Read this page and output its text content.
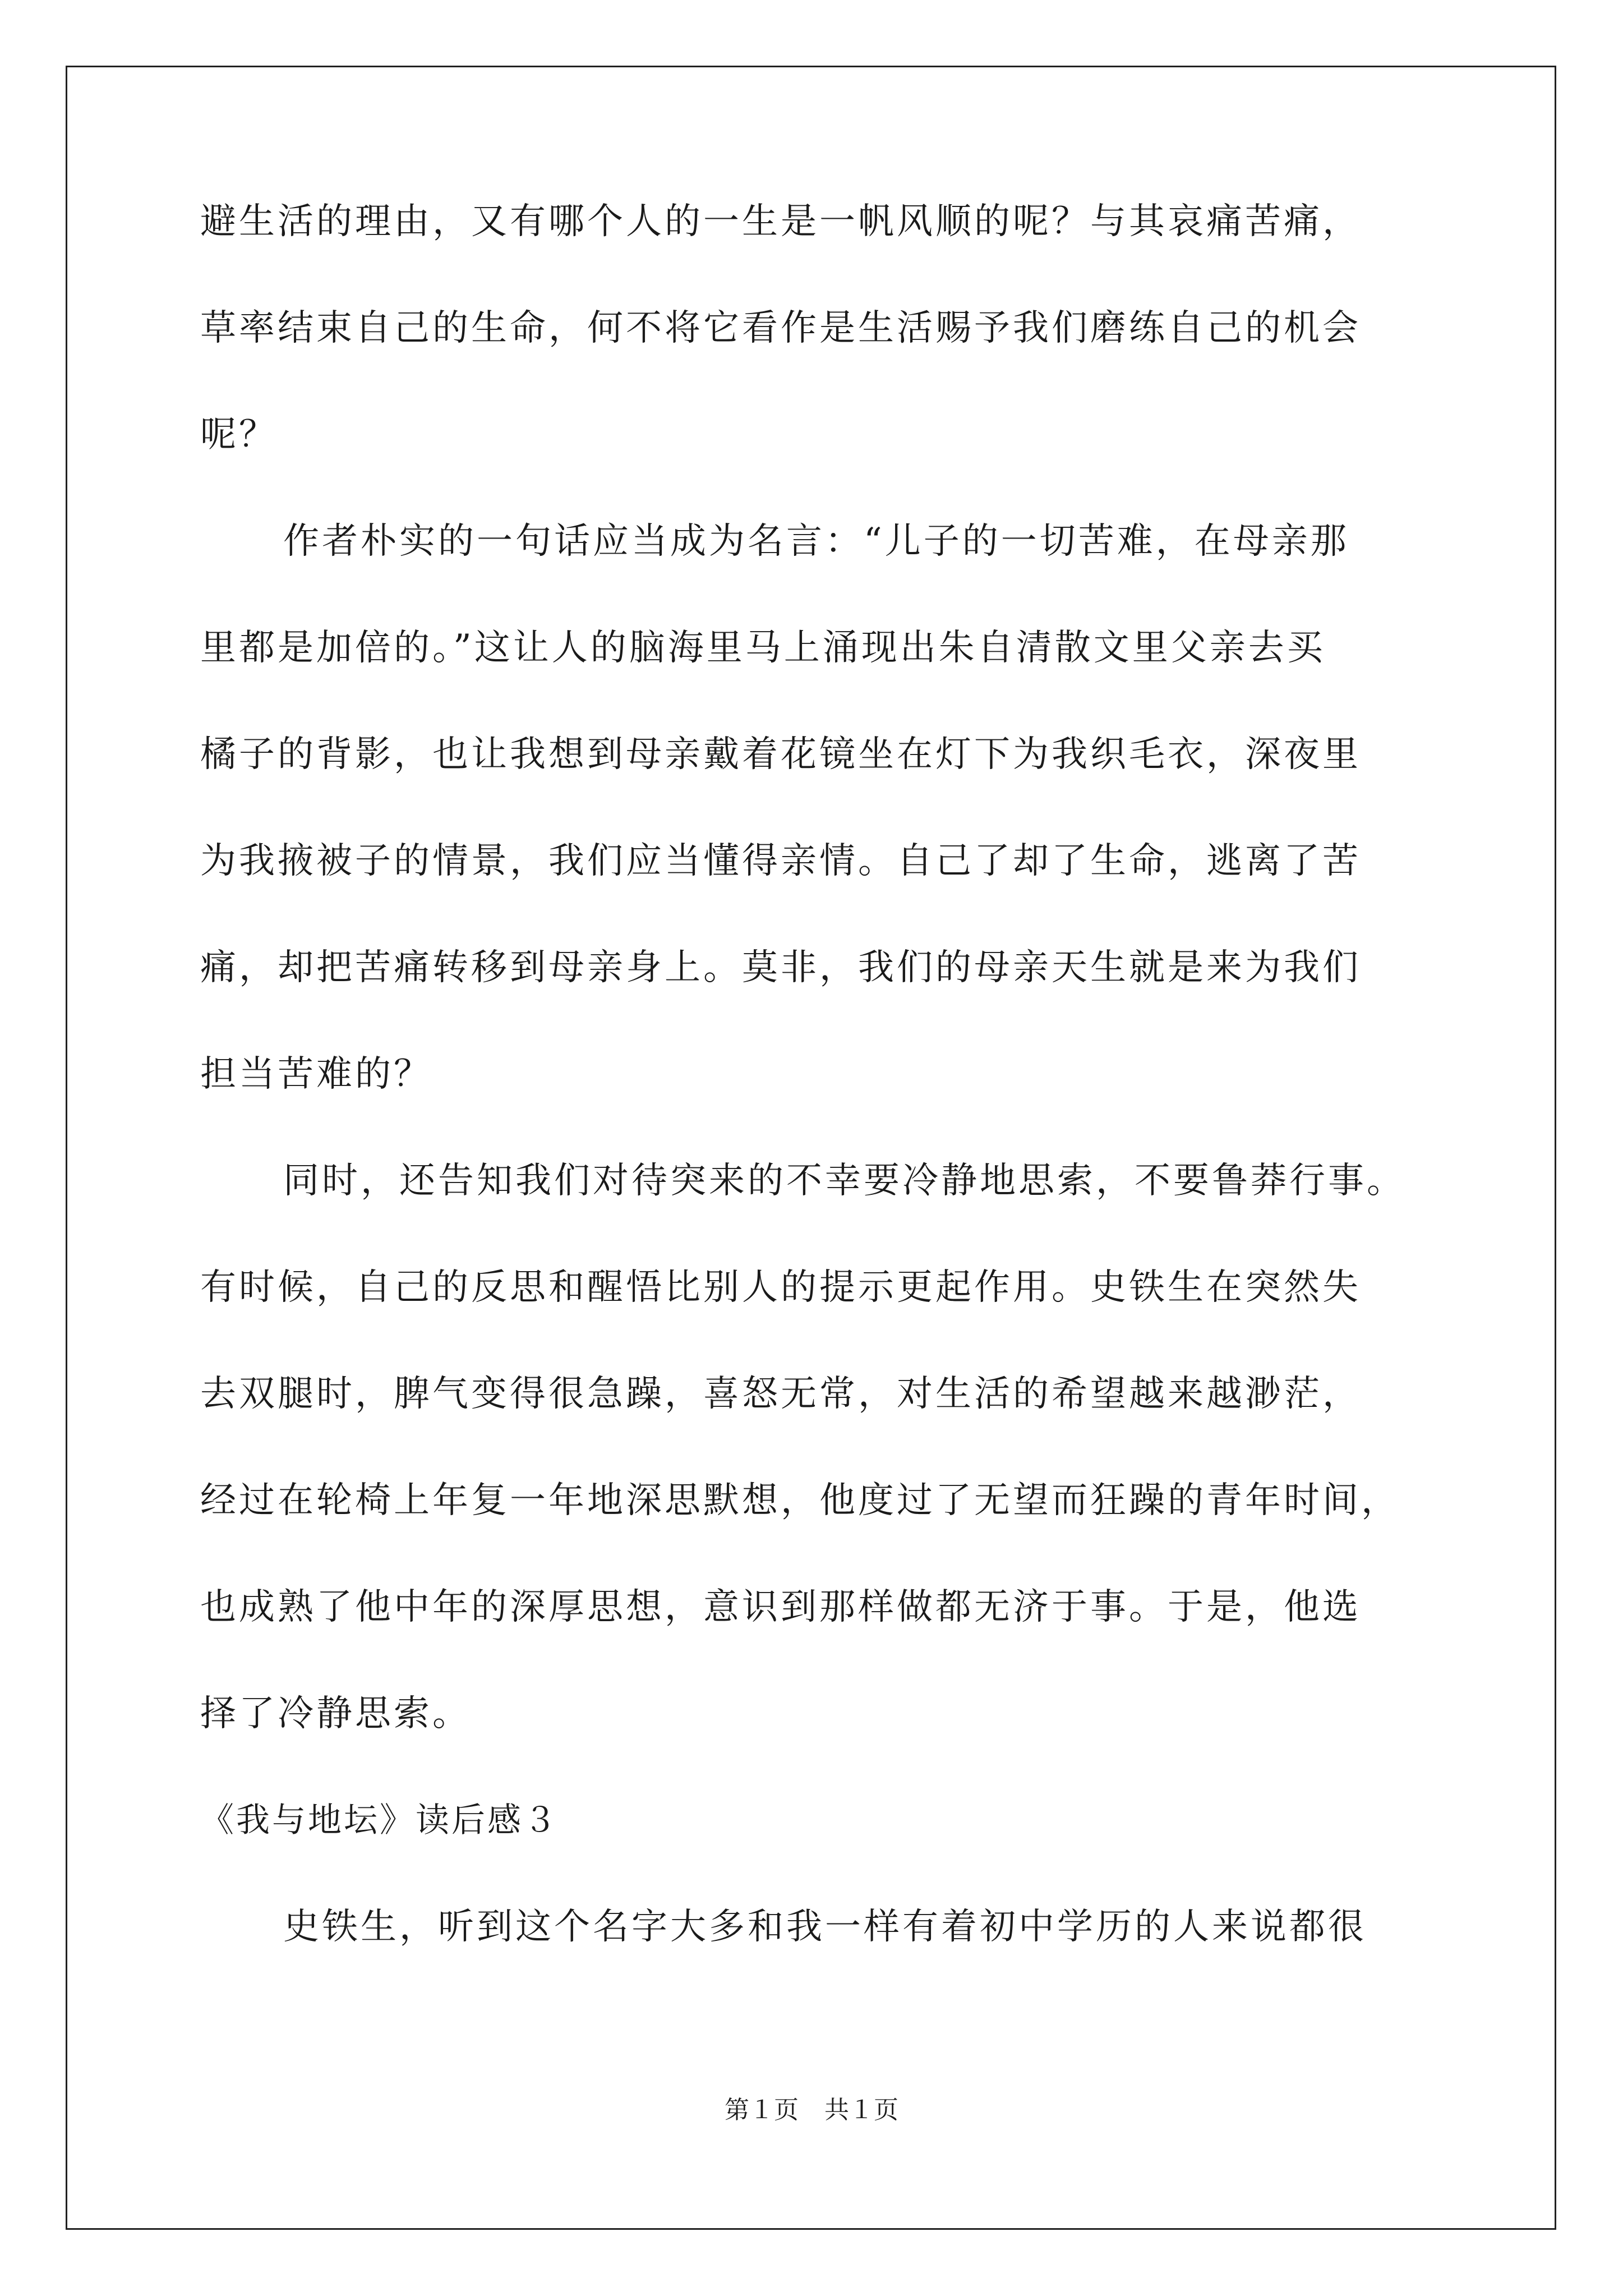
避生活的理由，又有哪个人的一生是一帆风顺的呢？与其哀痛苦痛，
草率结束自己的生命，何不将它看作是生活赐予我们磨练自己的机会
呢？
作者朴实的一句话应当成为名言：“儿子的一切苦难，在母亲那
里都是加倍的。”这让人的脑海里马上涌现出朱自清散文里父亲去买
橘子的背影，也让我想到母亲戴着花镜坐在灯下为我织毛衣，深夜里
为我掖被子的情景，我们应当懂得亲情。自己了却了生命，逃离了苦
痛，却把苦痛转移到母亲身上。莫非，我们的母亲天生就是来为我们
担当苦难的？
同时，还告知我们对待突来的不幸要冷静地思索，不要鲁莽行事。
有时候，自己的反思和醒悟比别人的提示更起作用。史铁生在突然失
去双腿时，脾气变得很急躁，喜怒无常，对生活的希望越来越渺茫，
经过在轮椅上年复一年地深思默想，他度过了无望而狂躁的青年时间，
也成熟了他中年的深厚思想，意识到那样做都无济于事。于是，他选
择了冷静思索。
《我与地坛》读后感３
史铁生，听到这个名字大多和我一样有着初中学历的人来说都很
第１页 共１页
